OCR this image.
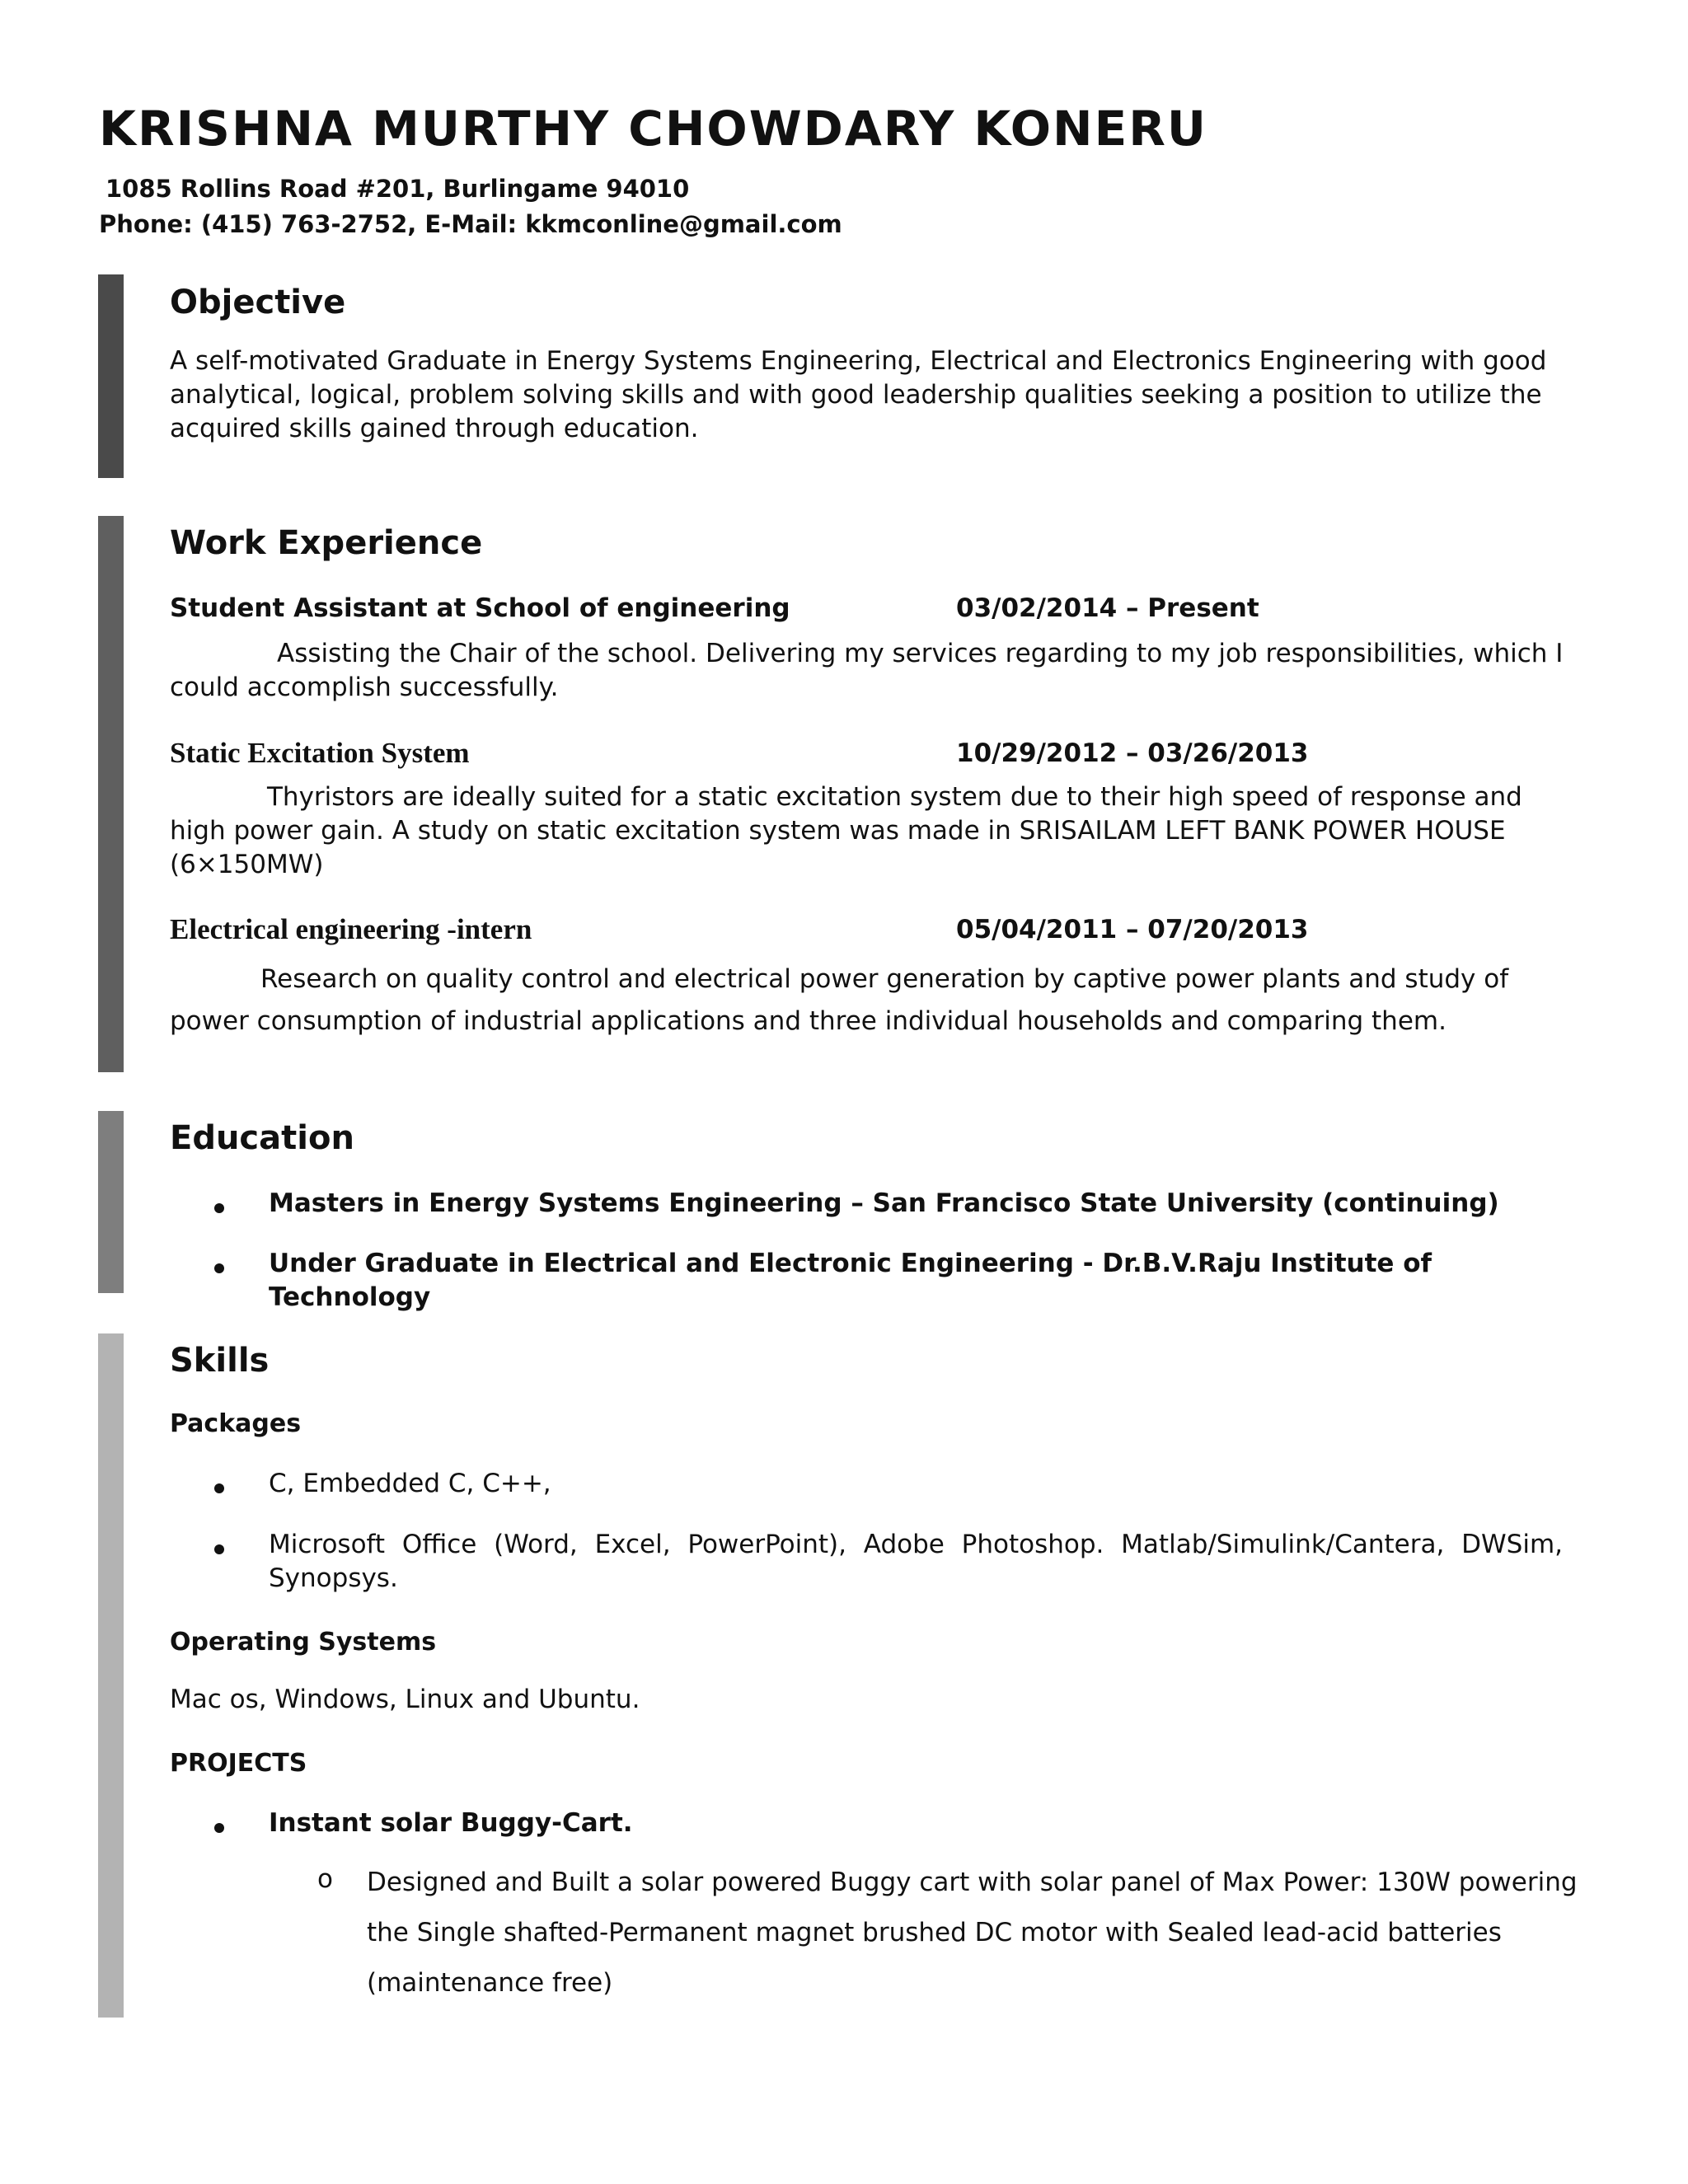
KRISHNA MURTHY CHOWDARY KONERU
1085 Rollins Road #201, Burlingame 94010
Phone: (415) 763-2752, E-Mail: kkmconline@gmail.com
Objective

A self-motivated Graduate in Energy Systems Engineering, Electrical and Electronics Engineering with good analytical, logical, problem solving skills and with good leadership qualities seeking a position to utilize the acquired skills gained through education.

Work Experience
Student Assistant at School of engineering	03/02/2014 – Present

Assisting the Chair of the school. Delivering my services regarding to my job responsibilities, which I could accomplish successfully.

Static Excitation System	10/29/2012 – 03/26/2013

Thyristors are ideally suited for a static excitation system due to their high speed of response and high power gain. A study on static excitation system was made in SRISAILAM LEFT BANK POWER HOUSE (6×150MW)

Electrical engineering -intern	05/04/2011 – 07/20/2013

Research on quality control and electrical power generation by captive power plants and study of power consumption of industrial applications and three individual households and comparing them.

Education

Masters in Energy Systems Engineering – San Francisco State University (continuing)

Under Graduate in Electrical and Electronic Engineering - Dr.B.V.Raju Institute of Technology

Skills
Packages

C, Embedded C, C++,

Microsoft Office (Word, Excel, PowerPoint), Adobe Photoshop. Matlab/Simulink/Cantera, DWSim, Synopsys.

Operating Systems

Mac os, Windows, Linux and Ubuntu.

PROJECTS

Instant solar Buggy-Cart.

o Designed and Built a solar powered Buggy cart with solar panel of Max Power: 130W powering the Single shafted-Permanent magnet brushed DC motor with Sealed lead-acid batteries (maintenance free)
